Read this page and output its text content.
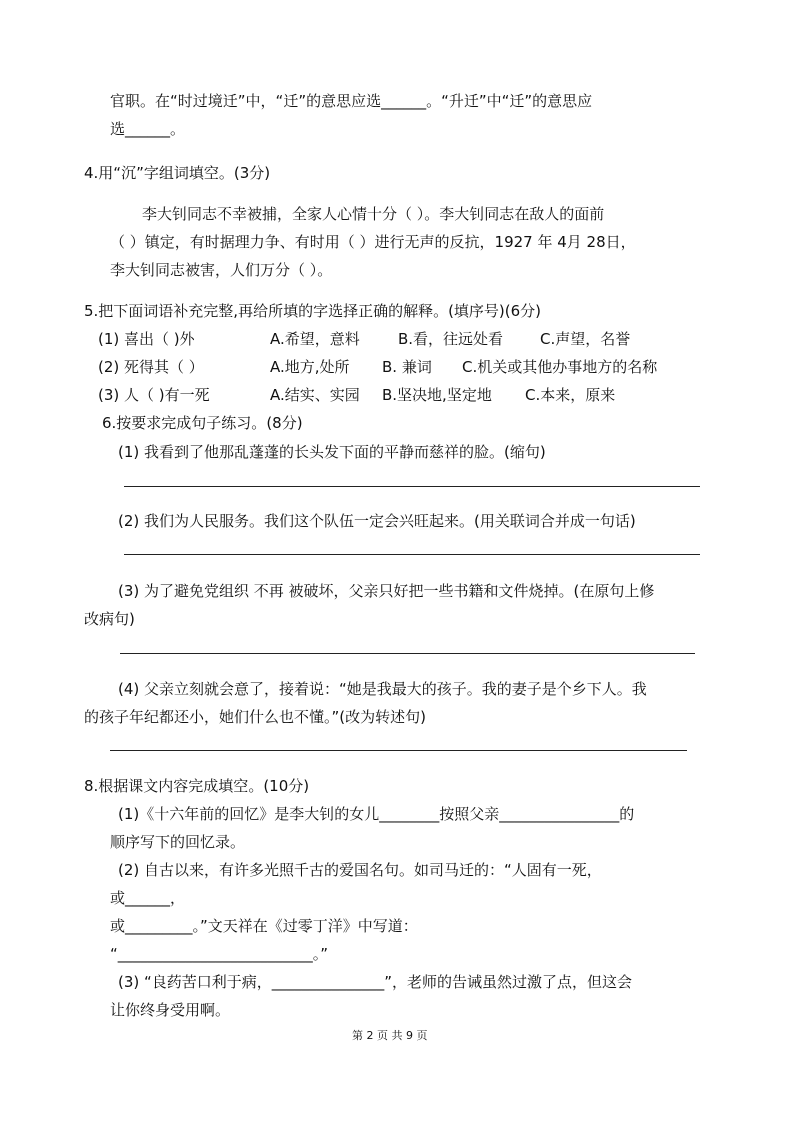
官职。在“时过境迁”中，“迁”的意思应选______。“升迁”中“迁”的意思应
选______。
4.用“沉”字组词填空。(3分)
李大钊同志不幸被捕，全家人心情十分（ ）。李大钊同志在敌人的面前
（ ）镇定，有时据理力争、有时用（ ）进行无声的反抗，1927 年 4月 28日，
李大钊同志被害，人们万分（ ）。
5.把下面词语补充完整,再给所填的字选择正确的解释。(填序号)(6分)
(1) 喜出（ )外	A.希望，意料	B.看，往远处看 C.声望，名誉
(2) 死得其（ ）	A.地方,处所 B. 兼词 C.机关或其他办事地方的名称
(3) 人（ )有一死	A.结实、实园 B.坚决地,坚定地 C.本来，原来
6.按要求完成句子练习。(8分)
(1) 我看到了他那乱蓬蓬的长头发下面的平静而慈祥的脸。(缩句)
(2) 我们为人民服务。我们这个队伍一定会兴旺起来。(用关联词合并成一句话)
(3) 为了避免党组织 不再 被破坏，父亲只好把一些书籍和文件烧掉。(在原句上修
改病句)
(4) 父亲立刻就会意了，接着说：“她是我最大的孩子。我的妻子是个乡下人。我
的孩子年纪都还小，她们什么也不懂。”(改为转述句)
8.根据课文内容完成填空。(10分)
(1)《十六年前的回忆》是李大钊的女儿________按照父亲________________的
顺序写下的回忆录。
(2) 自古以来，有许多光照千古的爱国名句。如司马迁的：“人固有一死，
或______，
或_________。”文天祥在《过零丁洋》中写道：
“__________________________。”
(3) “良药苦口利于病，_______________”，老师的告诫虽然过激了点，但这会
让你终身受用啊。
第 2 页 共 9 页
